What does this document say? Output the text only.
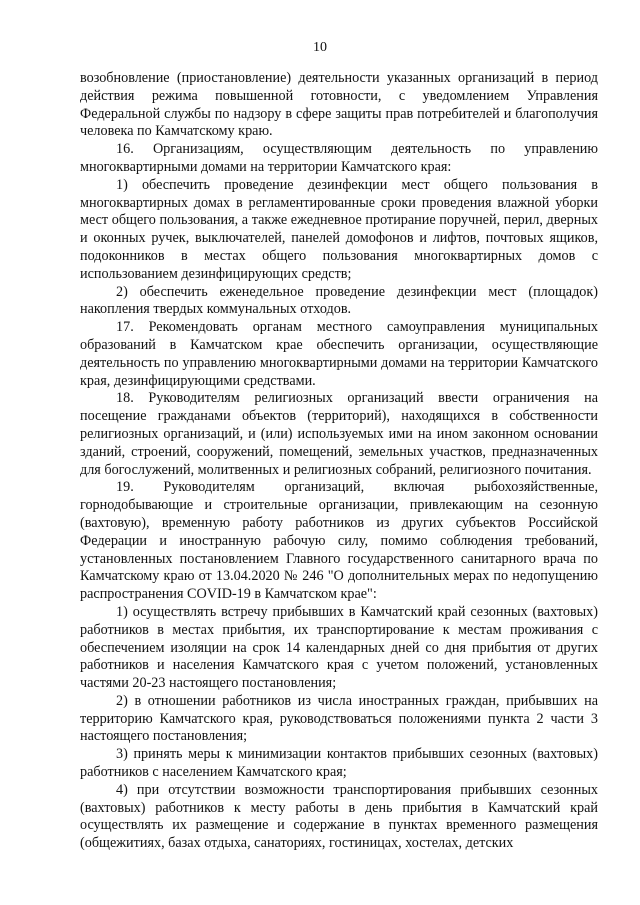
10

возобновление (приостановление) деятельности указанных организаций в период действия режима повышенной готовности, с уведомлением Управления Федеральной службы по надзору в сфере защиты прав потребителей и благополучия человека по Камчатскому краю.

16. Организациям, осуществляющим деятельность по управлению многоквартирными домами на территории Камчатского края:

1) обеспечить проведение дезинфекции мест общего пользования в многоквартирных домах в регламентированные сроки проведения влажной уборки мест общего пользования, а также ежедневное протирание поручней, перил, дверных и оконных ручек, выключателей, панелей домофонов и лифтов, почтовых ящиков, подоконников в местах общего пользования многоквартирных домов с использованием дезинфицирующих средств;

2) обеспечить еженедельное проведение дезинфекции мест (площадок) накопления твердых коммунальных отходов.

17. Рекомендовать органам местного самоуправления муниципальных образований в Камчатском крае обеспечить организации, осуществляющие деятельность по управлению многоквартирными домами на территории Камчатского края, дезинфицирующими средствами.

18. Руководителям религиозных организаций ввести ограничения на посещение гражданами объектов (территорий), находящихся в собственности религиозных организаций, и (или) используемых ими на ином законном основании зданий, строений, сооружений, помещений, земельных участков, предназначенных для богослужений, молитвенных и религиозных собраний, религиозного почитания.

19. Руководителям организаций, включая рыбохозяйственные, горнодобывающие и строительные организации, привлекающим на сезонную (вахтовую), временную работу работников из других субъектов Российской Федерации и иностранную рабочую силу, помимо соблюдения требований, установленных постановлением Главного государственного санитарного врача по Камчатскому краю от 13.04.2020 № 246 "О дополнительных мерах по недопущению распространения COVID-19 в Камчатском крае":

1) осуществлять встречу прибывших в Камчатский край сезонных (вахтовых) работников в местах прибытия, их транспортирование к местам проживания с обеспечением изоляции на срок 14 календарных дней со дня прибытия от других работников и населения Камчатского края с учетом положений, установленных частями 20-23 настоящего постановления;

2) в отношении работников из числа иностранных граждан, прибывших на территорию Камчатского края, руководствоваться положениями пункта 2 части 3 настоящего постановления;

3) принять меры к минимизации контактов прибывших сезонных (вахтовых) работников с населением Камчатского края;

4) при отсутствии возможности транспортирования прибывших сезонных (вахтовых) работников к месту работы в день прибытия в Камчатский край осуществлять их размещение и содержание в пунктах временного размещения (общежитиях, базах отдыха, санаториях, гостиницах, хостелах, детских
